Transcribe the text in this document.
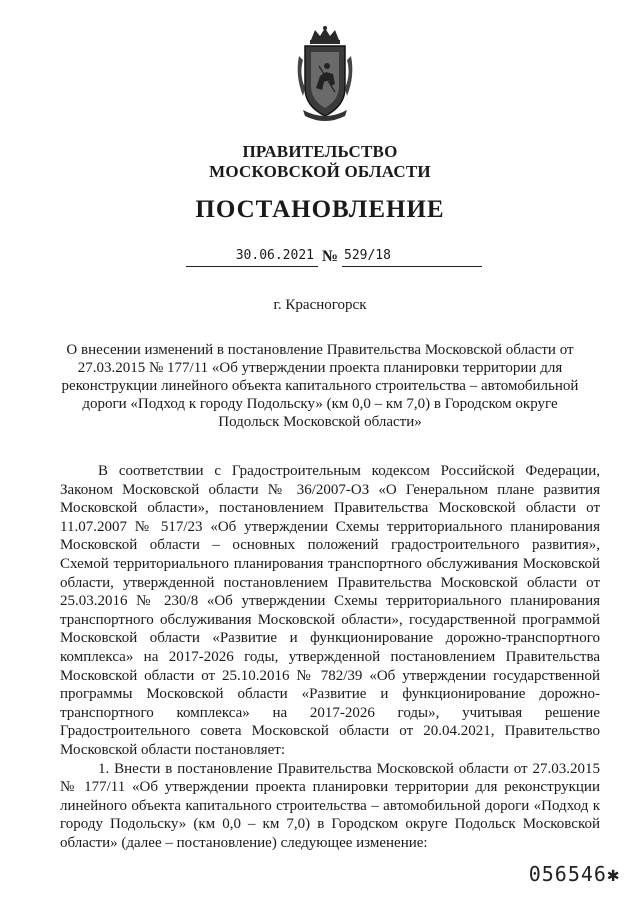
ПРАВИТЕЛЬСТВО
МОСКОВСКОЙ ОБЛАСТИ
ПОСТАНОВЛЕНИЕ
30.06.2021 № 529/18
г. Красногорск
О внесении изменений в постановление Правительства Московской области от 27.03.2015 № 177/11 «Об утверждении проекта планировки территории для реконструкции линейного объекта капитального строительства – автомобильной дороги «Подход к городу Подольску» (км 0,0 – км 7,0) в Городском округе Подольск Московской области»

В соответствии с Градостроительным кодексом Российской Федерации, Законом Московской области № 36/2007-ОЗ «О Генеральном плане развития Московской области», постановлением Правительства Московской области от 11.07.2007 № 517/23 «Об утверждении Схемы территориального планирования Московской области – основных положений градостроительного развития», Схемой территориального планирования транспортного обслуживания Московской области, утвержденной постановлением Правительства Московской области от 25.03.2016 № 230/8 «Об утверждении Схемы территориального планирования транспортного обслуживания Московской области», государственной программой Московской области «Развитие и функционирование дорожно-транспортного комплекса» на 2017-2026 годы, утвержденной постановлением Правительства Московской области от 25.10.2016 № 782/39 «Об утверждении государственной программы Московской области «Развитие и функционирование дорожно-транспортного комплекса» на 2017-2026 годы», учитывая решение Градостроительного совета Московской области от 20.04.2021, Правительство Московской области постановляет:

1. Внести в постановление Правительства Московской области от 27.03.2015 № 177/11 «Об утверждении проекта планировки территории для реконструкции линейного объекта капитального строительства – автомобильной дороги «Подход к городу Подольску» (км 0,0 – км 7,0) в Городском округе Подольск Московской области» (далее – постановление) следующее изменение:

056546✱
